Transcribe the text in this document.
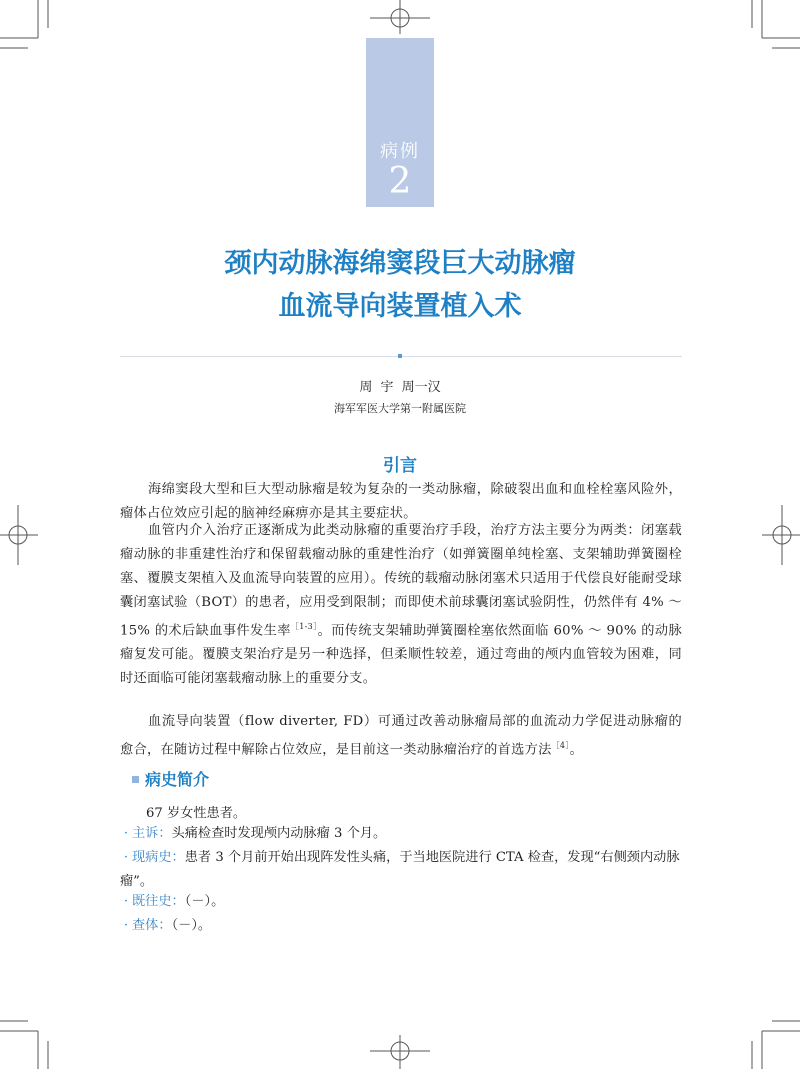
病例
2
颈内动脉海绵窦段巨大动脉瘤
血流导向装置植入术
周 宇 周一汉
海军军医大学第一附属医院
引言
海绵窦段大型和巨大型动脉瘤是较为复杂的一类动脉瘤，除破裂出血和血栓栓塞风险外，瘤体占位效应引起的脑神经麻痹亦是其主要症状。
血管内介入治疗正逐渐成为此类动脉瘤的重要治疗手段，治疗方法主要分为两类：闭塞载瘤动脉的非重建性治疗和保留载瘤动脉的重建性治疗（如弹簧圈单纯栓塞、支架辅助弹簧圈栓塞、覆膜支架植入及血流导向装置的应用）。传统的载瘤动脉闭塞术只适用于代偿良好能耐受球囊闭塞试验（BOT）的患者，应用受到限制；而即使术前球囊闭塞试验阴性，仍然伴有 4% ～ 15% 的术后缺血事件发生率$^{[1-3]}$。而传统支架辅助弹簧圈栓塞依然面临 60% ～ 90% 的动脉瘤复发可能。覆膜支架治疗是另一种选择，但柔顺性较差，通过弯曲的颅内血管较为困难，同时还面临可能闭塞载瘤动脉上的重要分支。
血流导向装置（flow diverter, FD）可通过改善动脉瘤局部的血流动力学促进动脉瘤的愈合，在随访过程中解除占位效应，是目前这一类动脉瘤治疗的首选方法$^{[4]}$。
病史简介
67 岁女性患者。
· 主诉：头痛检查时发现颅内动脉瘤 3 个月。
· 现病史：患者 3 个月前开始出现阵发性头痛，于当地医院进行 CTA 检查，发现“右侧颈内动脉瘤”。
· 既往史：（－）。
· 查体：（－）。
